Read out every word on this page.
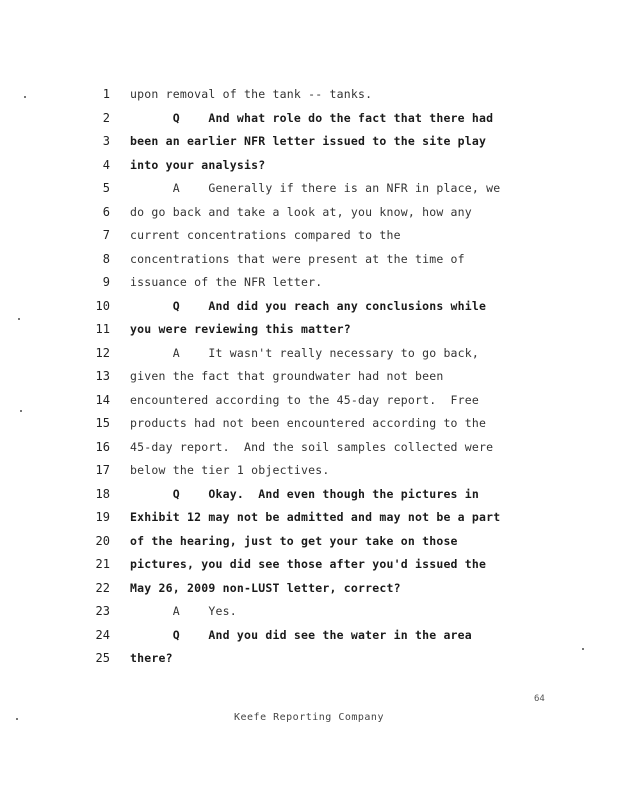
1 upon removal of the tank -- tanks.
2 Q    And what role do the fact that there had
3 been an earlier NFR letter issued to the site play
4 into your analysis?
5 A    Generally if there is an NFR in place, we
6 do go back and take a look at, you know, how any
7 current concentrations compared to the
8 concentrations that were present at the time of
9 issuance of the NFR letter.
10 Q    And did you reach any conclusions while
11 you were reviewing this matter?
12 A    It wasn't really necessary to go back,
13 given the fact that groundwater had not been
14 encountered according to the 45-day report.  Free
15 products had not been encountered according to the
16 45-day report.  And the soil samples collected were
17 below the tier 1 objectives.
18 Q    Okay.  And even though the pictures in
19 Exhibit 12 may not be admitted and may not be a part
20 of the hearing, just to get your take on those
21 pictures, you did see those after you'd issued the
22 May 26, 2009 non-LUST letter, correct?
23 A    Yes.
24 Q    And you did see the water in the area
25 there?
64
Keefe Reporting Company
